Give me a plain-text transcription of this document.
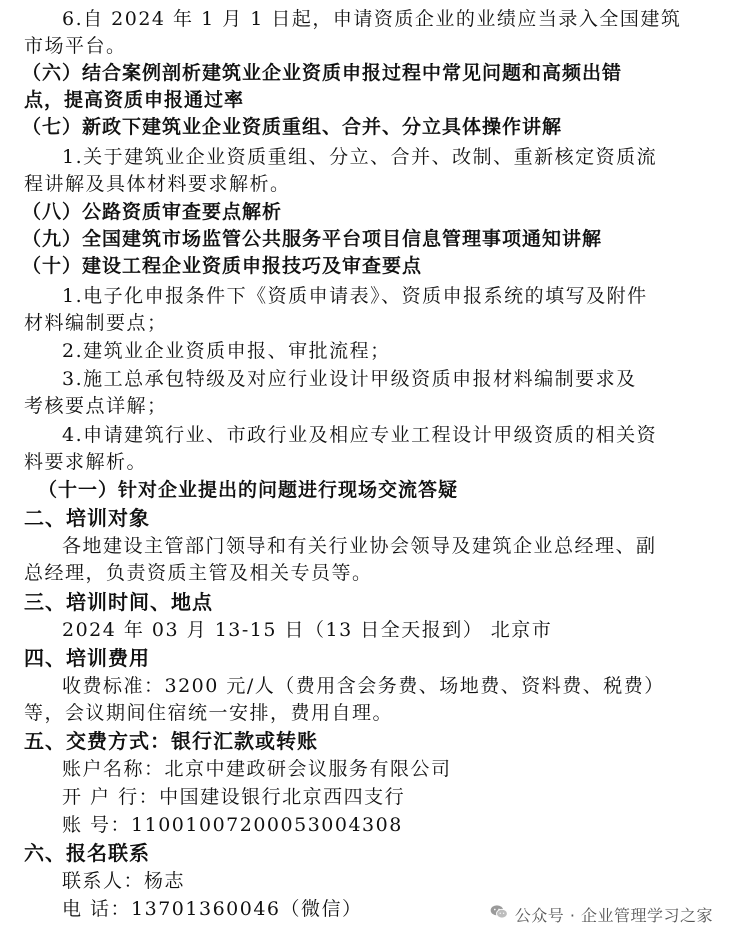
6.自 2024 年 1 月 1 日起，申请资质企业的业绩应当录入全国建筑
市场平台。
（六）结合案例剖析建筑业企业资质申报过程中常见问题和高频出错
点，提高资质申报通过率
（七）新政下建筑业企业资质重组、合并、分立具体操作讲解
1.关于建筑业企业资质重组、分立、合并、改制、重新核定资质流
程讲解及具体材料要求解析。
（八）公路资质审查要点解析
（九）全国建筑市场监管公共服务平台项目信息管理事项通知讲解
（十）建设工程企业资质申报技巧及审查要点
1.电子化申报条件下《资质申请表》、资质申报系统的填写及附件
材料编制要点；
2.建筑业企业资质申报、审批流程；
3.施工总承包特级及对应行业设计甲级资质申报材料编制要求及
考核要点详解；
4.申请建筑行业、市政行业及相应专业工程设计甲级资质的相关资
料要求解析。
（十一）针对企业提出的问题进行现场交流答疑
二、培训对象
各地建设主管部门领导和有关行业协会领导及建筑企业总经理、副
总经理，负责资质主管及相关专员等。
三、培训时间、地点
2024 年 03 月 13-15 日（13 日全天报到） 北京市
四、培训费用
收费标准：3200 元/人（费用含会务费、场地费、资料费、税费）
等，会议期间住宿统一安排，费用自理。
五、交费方式：银行汇款或转账
账户名称：北京中建政研会议服务有限公司
开 户 行：中国建设银行北京西四支行
账 号：11001007200053004308
六、报名联系
联系人：杨志
电 话：13701360046（微信）	公众号 · 企业管理学习之家
